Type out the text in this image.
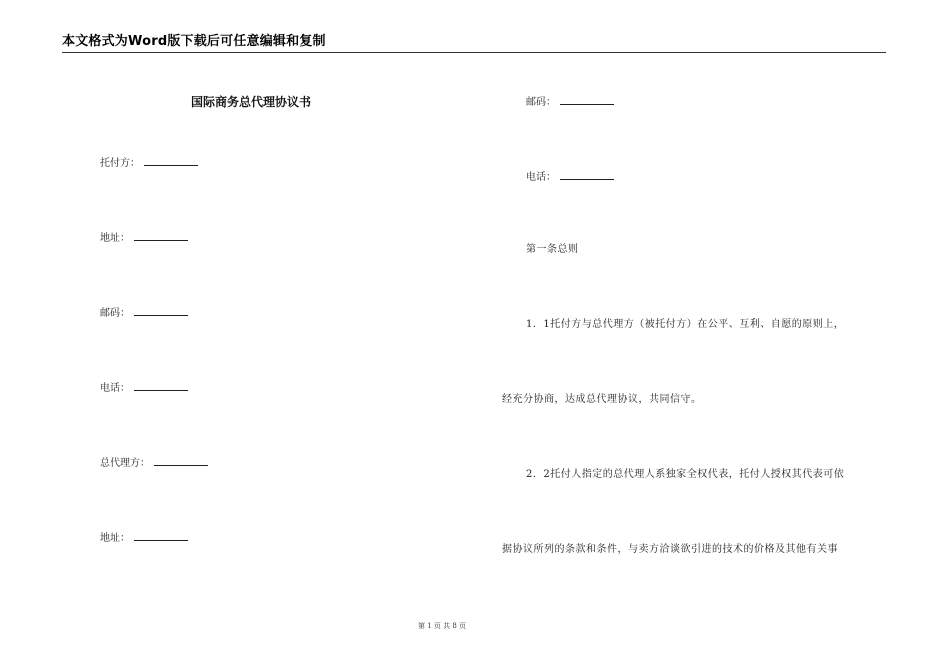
本文格式为Word版下载后可任意编辑和复制
国际商务总代理协议书
托付方：
地址：
邮码：
电话：
总代理方：
地址：
邮码：
电话：
第一条总则
1．1托付方与总代理方（被托付方）在公平、互利、自愿的原则上，
经充分协商，达成总代理协议，共同信守。
2．2托付人指定的总代理人系独家全权代表，托付人授权其代表可依
据协议所列的条款和条件，与卖方洽谈欲引进的技术的价格及其他有关事
第 1 页 共 8 页
